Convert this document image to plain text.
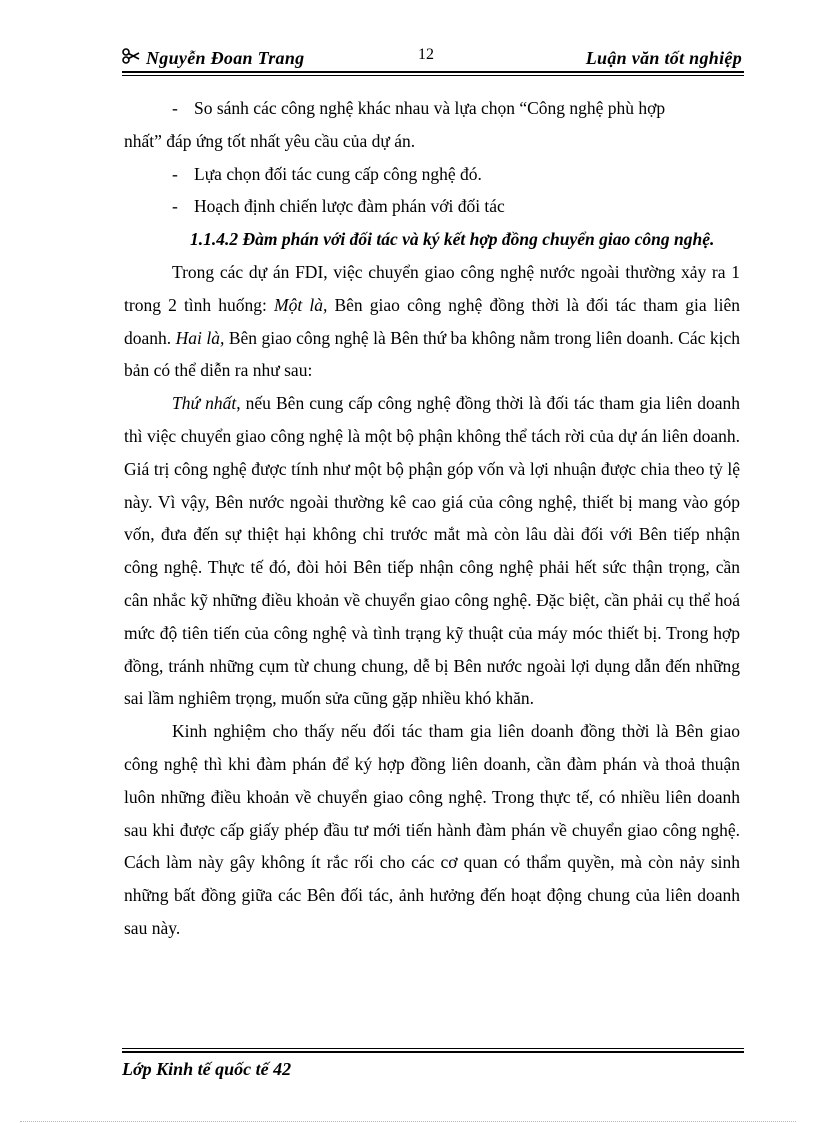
Nguyễn Đoan Trang	12	Luận văn tốt nghiệp

- So sánh các công nghệ khác nhau và lựa chọn “Công nghệ phù hợp

nhất” đáp ứng tốt nhất yêu cầu của dự án.

- Lựa chọn đối tác cung cấp công nghệ đó.

- Hoạch định chiến lược đàm phán với đối tác

1.1.4.2 Đàm phán với đối tác và ký kết hợp đồng chuyển giao công nghệ.

Trong các dự án FDI, việc chuyển giao công nghệ nước ngoài thường xảy ra 1 trong 2 tình huống: Một là, Bên giao công nghệ đồng thời là đối tác tham gia liên doanh. Hai là, Bên giao công nghệ là Bên thứ ba không nằm trong liên doanh. Các kịch bản có thể diễn ra như sau:

Thứ nhất, nếu Bên cung cấp công nghệ đồng thời là đối tác tham gia liên doanh thì việc chuyển giao công nghệ là một bộ phận không thể tách rời của dự án liên doanh. Giá trị công nghệ được tính như một bộ phận góp vốn và lợi nhuận được chia theo tỷ lệ này. Vì vậy, Bên nước ngoài thường kê cao giá của công nghệ, thiết bị mang vào góp vốn, đưa đến sự thiệt hại không chỉ trước mắt mà còn lâu dài đối với Bên tiếp nhận công nghệ. Thực tế đó, đòi hỏi Bên tiếp nhận công nghệ phải hết sức thận trọng, cần cân nhắc kỹ những điều khoản về chuyển giao công nghệ. Đặc biệt, cần phải cụ thể hoá mức độ tiên tiến của công nghệ và tình trạng kỹ thuật của máy móc thiết bị. Trong hợp đồng, tránh những cụm từ chung chung, dễ bị Bên nước ngoài lợi dụng dẫn đến những sai lầm nghiêm trọng, muốn sửa cũng gặp nhiều khó khăn.

Kinh nghiệm cho thấy nếu đối tác tham gia liên doanh đồng thời là Bên giao công nghệ thì khi đàm phán để ký hợp đồng liên doanh, cần đàm phán và thoả thuận luôn những điều khoản về chuyển giao công nghệ. Trong thực tế, có nhiều liên doanh sau khi được cấp giấy phép đầu tư mới tiến hành đàm phán về chuyển giao công nghệ. Cách làm này gây không ít rắc rối cho các cơ quan có thẩm quyền, mà còn nảy sinh những bất đồng giữa các Bên đối tác, ảnh hưởng đến hoạt động chung của liên doanh sau này.

Lớp Kinh tế quốc tế 42
